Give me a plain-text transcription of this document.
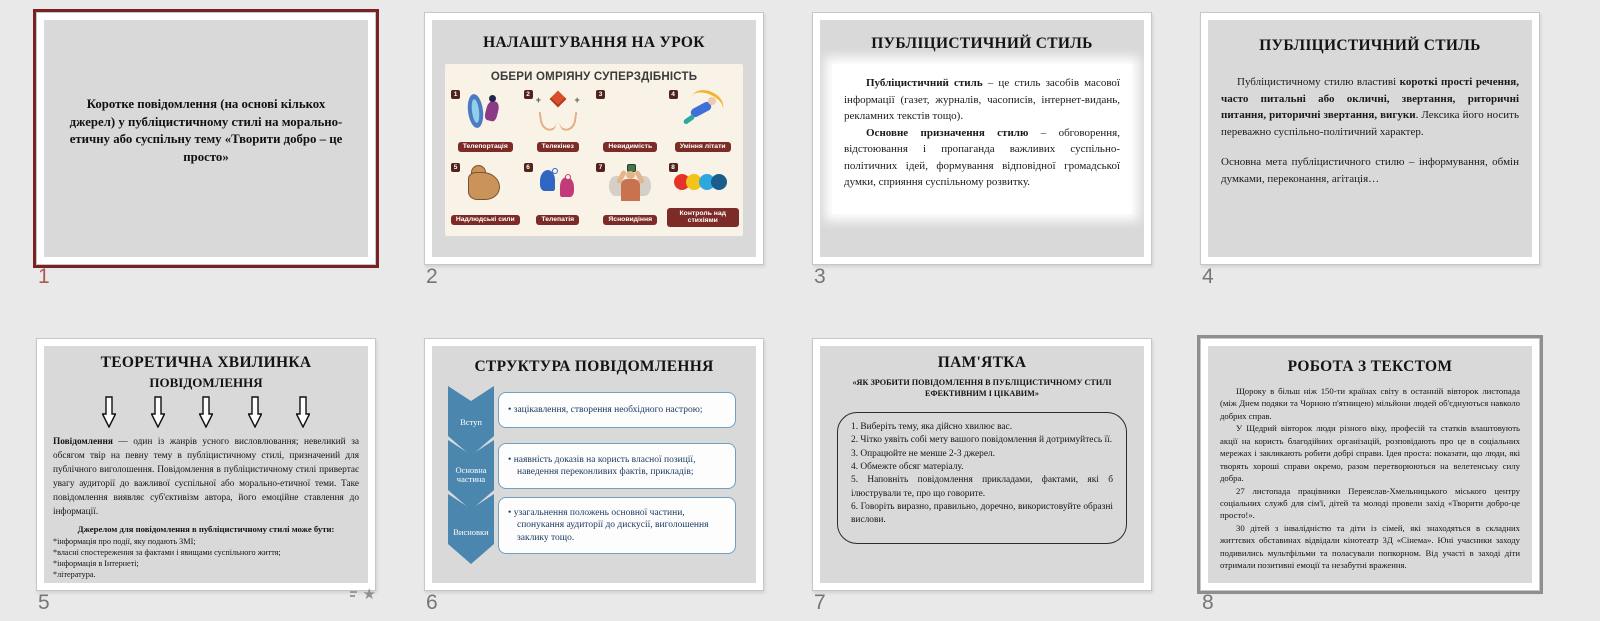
Коротке повідомлення (на основі кількох джерел) у публіцистичному стилі на морально-етичну або суспільну тему «Творити добро – це просто»
1
НАЛАШТУВАННЯ НА УРОК
ОБЕРИ ОМРІЯНУ СУПЕРЗДІБНІСТЬ
1
Телепортація
2
+	+
Телекінез
3
Невидимість
4
Уміння літати
5
Надлюдські сили
6
Телепатія
7
Ясновидіння
8
Контроль над стихіями
2
ПУБЛІЦИСТИЧНИЙ СТИЛЬ

Публіцистичний стиль – це стиль засобів масової інформації (газет, журналів, часописів, інтернет-видань, рекламних текстів тощо).

Основне призначення стилю – обговорення, відстоювання і пропаганда важливих суспільно-політичних ідей, формування відповідної громадської думки, сприяння суспільному розвитку.

3
ПУБЛІЦИСТИЧНИЙ СТИЛЬ

Публіцистичному стилю властиві короткі прості речення, часто питальні або окличні, звертання, риторичні питання, риторичні звертання, вигуки. Лексика його носить переважно суспільно-політичний характер.

Основна мета публіцистичного стилю – інформування, обмін думками, переконання, агітація…

4
ТЕОРЕТИЧНА ХВИЛИНКА
ПОВІДОМЛЕННЯ
Повідомлення — один із жанрів усного висловлювання; невеликий за обсягом твір на певну тему в публіцистичному стилі, призначений для публічного виголошення. Повідомлення в публіцистичному стилі привертає увагу аудиторії до важливої суспільної або морально-етичної теми. Таке повідомлення виявляє суб'єктивізм автора, його емоційне ставлення до інформації.
Джерелом для повідомлення в публіцистичному стилі може бути:
*інформація про події, яку подають ЗМІ;
*власні спостереження за фактами і явищами суспільного життя;
*інформація в Інтернеті;
*література.
5	★
СТРУКТУРА ПОВІДОМЛЕННЯ
Вступ
Основна частина
Висновки
• зацікавлення, створення необхідного настрою;
• наявність доказів на користь власної позиції, наведення переконливих фактів, прикладів;
• узагальнення положень основної частини, спонукання аудиторії до дискусії, виголошення заклику тощо.
6
ПАМ'ЯТКА
«ЯК ЗРОБИТИ ПОВІДОМЛЕННЯ В ПУБЛІЦИСТИЧНОМУ СТИЛІ ЕФЕКТИВНИМ І ЦІКАВИМ»
1. Виберіть тему, яка дійсно хвилює вас.
2. Чітко уявіть собі мету вашого повідомлення й дотримуйтесь її.
3. Опрацюйте не менше 2-3 джерел.
4. Обмежте обсяг матеріалу.
5. Наповніть повідомлення прикладами, фактами, які б ілюстрували те, про що говорите.
6. Говоріть виразно, правильно, доречно, використовуйте образні вислови.
7
РОБОТА З ТЕКСТОМ

Щороку в більш ніж 150-ти країнах світу в останній вівторок листопада (між Днем подяки та Чорною п'ятницею) мільйони людей об'єднуються навколо добрих справ.

У Щедрий вівторок люди різного віку, професій та статків влаштовують акції на користь благодійних організацій, розповідають про це в соціальних мережах і закликають робити добрі справи. Ідея проста: показати, що люди, які творять хороші справи окремо, разом перетворюються на велетенську силу добра.

27 листопада працівники Переяслав-Хмельницького міського центру соціальних служб для сім'ї, дітей та молоді провели захід «Творити добро-це просто!».

30 дітей з інвалідністю та діти із сімей, які знаходяться в складних життєвих обставинах відвідали кінотеатр 3Д «Сінема». Юні учасники заходу подивились мультфільми та поласували попкорном. Від участі в заході діти отримали позитивні емоції та незабутні враження.

8
